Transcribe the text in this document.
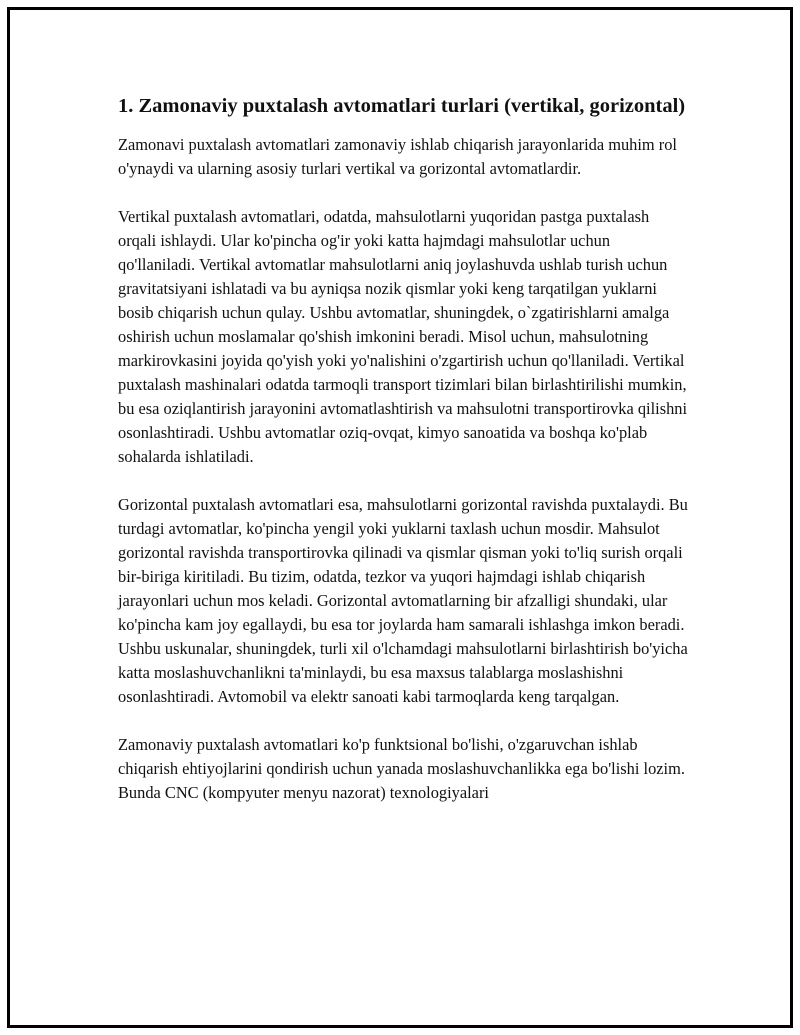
1. Zamonaviy puxtalash avtomatlari turlari (vertikal, gorizontal)

Zamonavi puxtalash avtomatlari zamonaviy ishlab chiqarish jarayonlarida muhim rol o'ynaydi va ularning asosiy turlari vertikal va gorizontal avtomatlardir.

Vertikal puxtalash avtomatlari, odatda, mahsulotlarni yuqoridan pastga puxtalash orqali ishlaydi. Ular ko'pincha og'ir yoki katta hajmdagi mahsulotlar uchun qo'llaniladi. Vertikal avtomatlar mahsulotlarni aniq joylashuvda ushlab turish uchun gravitatsiyani ishlatadi va bu ayniqsa nozik qismlar yoki keng tarqatilgan yuklarni bosib chiqarish uchun qulay. Ushbu avtomatlar, shuningdek, o`zgatirishlarni amalga oshirish uchun moslamalar qo'shish imkonini beradi. Misol uchun, mahsulotning markirovkasini joyida qo'yish yoki yo'nalishini o'zgartirish uchun qo'llaniladi. Vertikal puxtalash mashinalari odatda tarmoqli transport tizimlari bilan birlashtirilishi mumkin, bu esa oziqlantirish jarayonini avtomatlashtirish va mahsulotni transportirovka qilishni osonlashtiradi. Ushbu avtomatlar oziq-ovqat, kimyo sanoatida va boshqa ko'plab sohalarda ishlatiladi.

Gorizontal puxtalash avtomatlari esa, mahsulotlarni gorizontal ravishda puxtalaydi. Bu turdagi avtomatlar, ko'pincha yengil yoki yuklarni taxlash uchun mosdir. Mahsulot gorizontal ravishda transportirovka qilinadi va qismlar qisman yoki to'liq surish orqali bir-biriga kiritiladi. Bu tizim, odatda, tezkor va yuqori hajmdagi ishlab chiqarish jarayonlari uchun mos keladi. Gorizontal avtomatlarning bir afzalligi shundaki, ular ko'pincha kam joy egallaydi, bu esa tor joylarda ham samarali ishlashga imkon beradi. Ushbu uskunalar, shuningdek, turli xil o'lchamdagi mahsulotlarni birlashtirish bo'yicha katta moslashuvchanlikni ta'minlaydi, bu esa maxsus talablarga moslashishni osonlashtiradi. Avtomobil va elektr sanoati kabi tarmoqlarda keng tarqalgan.

Zamonaviy puxtalash avtomatlari ko'p funktsional bo'lishi, o'zgaruvchan ishlab chiqarish ehtiyojlarini qondirish uchun yanada moslashuvchanlikka ega bo'lishi lozim. Bunda CNC (kompyuter menyu nazorat) texnologiyalari
